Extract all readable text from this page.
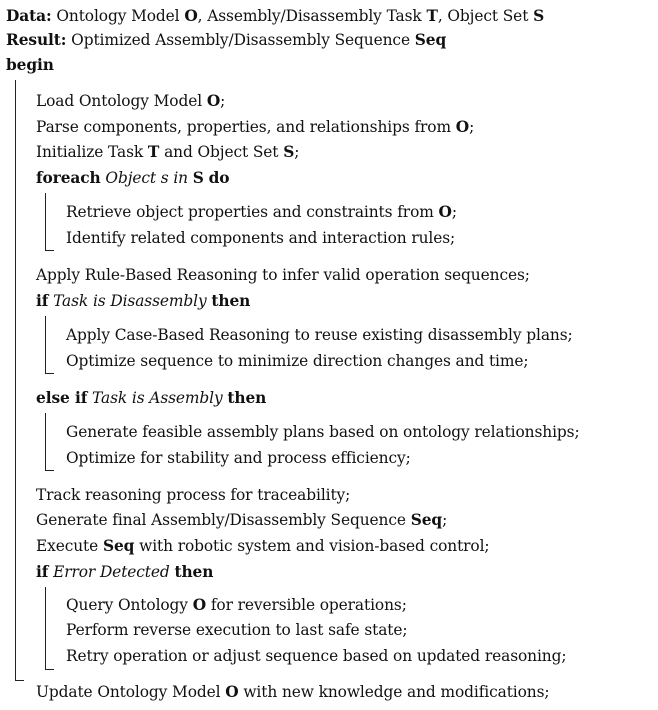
Data: Ontology Model O, Assembly/Disassembly Task T, Object Set S
Result: Optimized Assembly/Disassembly Sequence Seq
begin
Load Ontology Model O;
Parse components, properties, and relationships from O;
Initialize Task T and Object Set S;
foreach Object s in S do
Retrieve object properties and constraints from O;
Identify related components and interaction rules;
Apply Rule-Based Reasoning to infer valid operation sequences;
if Task is Disassembly then
Apply Case-Based Reasoning to reuse existing disassembly plans;
Optimize sequence to minimize direction changes and time;
else if Task is Assembly then
Generate feasible assembly plans based on ontology relationships;
Optimize for stability and process efficiency;
Track reasoning process for traceability;
Generate final Assembly/Disassembly Sequence Seq;
Execute Seq with robotic system and vision-based control;
if Error Detected then
Query Ontology O for reversible operations;
Perform reverse execution to last safe state;
Retry operation or adjust sequence based on updated reasoning;
Update Ontology Model O with new knowledge and modifications;
